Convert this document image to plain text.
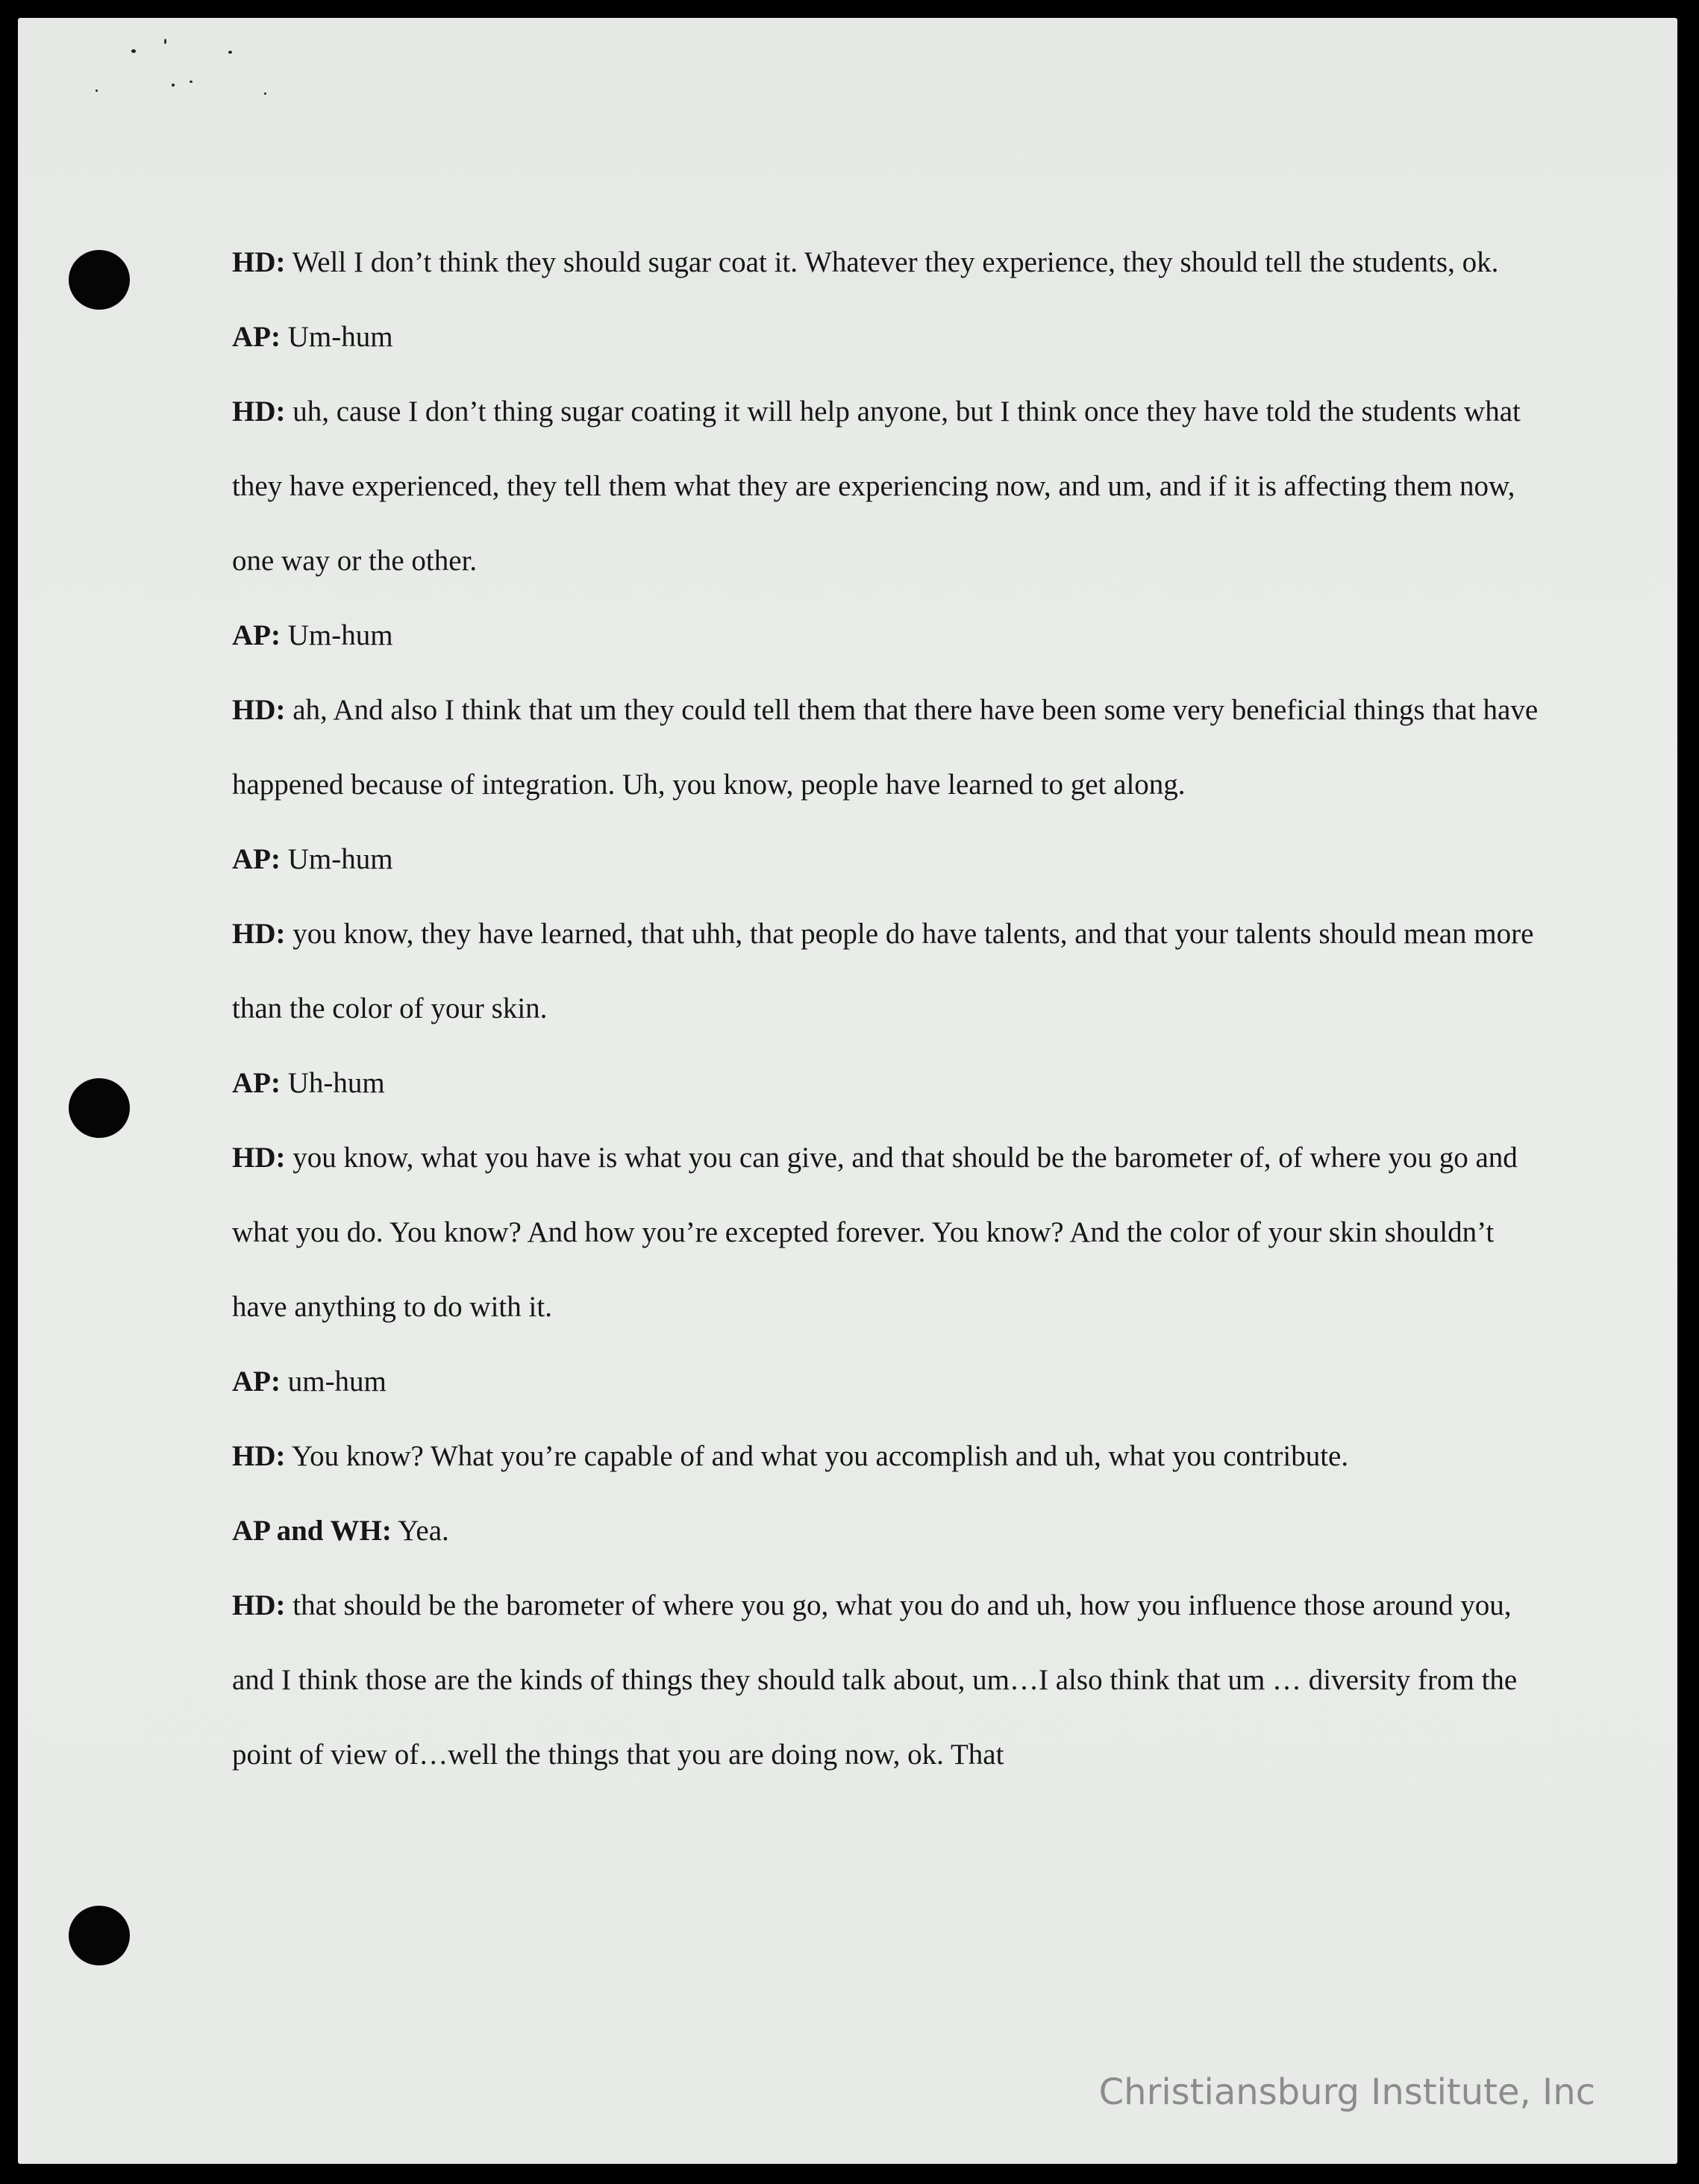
HD: Well I don’t think they should sugar coat it. Whatever they experience, they should tell the students, ok.

AP: Um-hum

HD: uh, cause I don’t thing sugar coating it will help anyone, but I think once they have told the students what they have experienced, they tell them what they are experiencing now, and um, and if it is affecting them now, one way or the other.

AP: Um-hum

HD: ah, And also I think that um they could tell them that there have been some very beneficial things that have happened because of integration. Uh, you know, people have learned to get along.

AP: Um-hum

HD: you know, they have learned, that uhh, that people do have talents, and that your talents should mean more than the color of your skin.

AP: Uh-hum

HD: you know, what you have is what you can give, and that should be the barometer of, of where you go and what you do. You know? And how you’re excepted forever. You know? And the color of your skin shouldn’t have anything to do with it.

AP: um-hum

HD: You know? What you’re capable of and what you accomplish and uh, what you contribute.

AP and WH: Yea.

HD: that should be the barometer of where you go, what you do and uh, how you influence those around you, and I think those are the kinds of things they should talk about, um…I also think that um … diversity from the point of view of…well the things that you are doing now, ok. That

Christiansburg Institute, Inc
